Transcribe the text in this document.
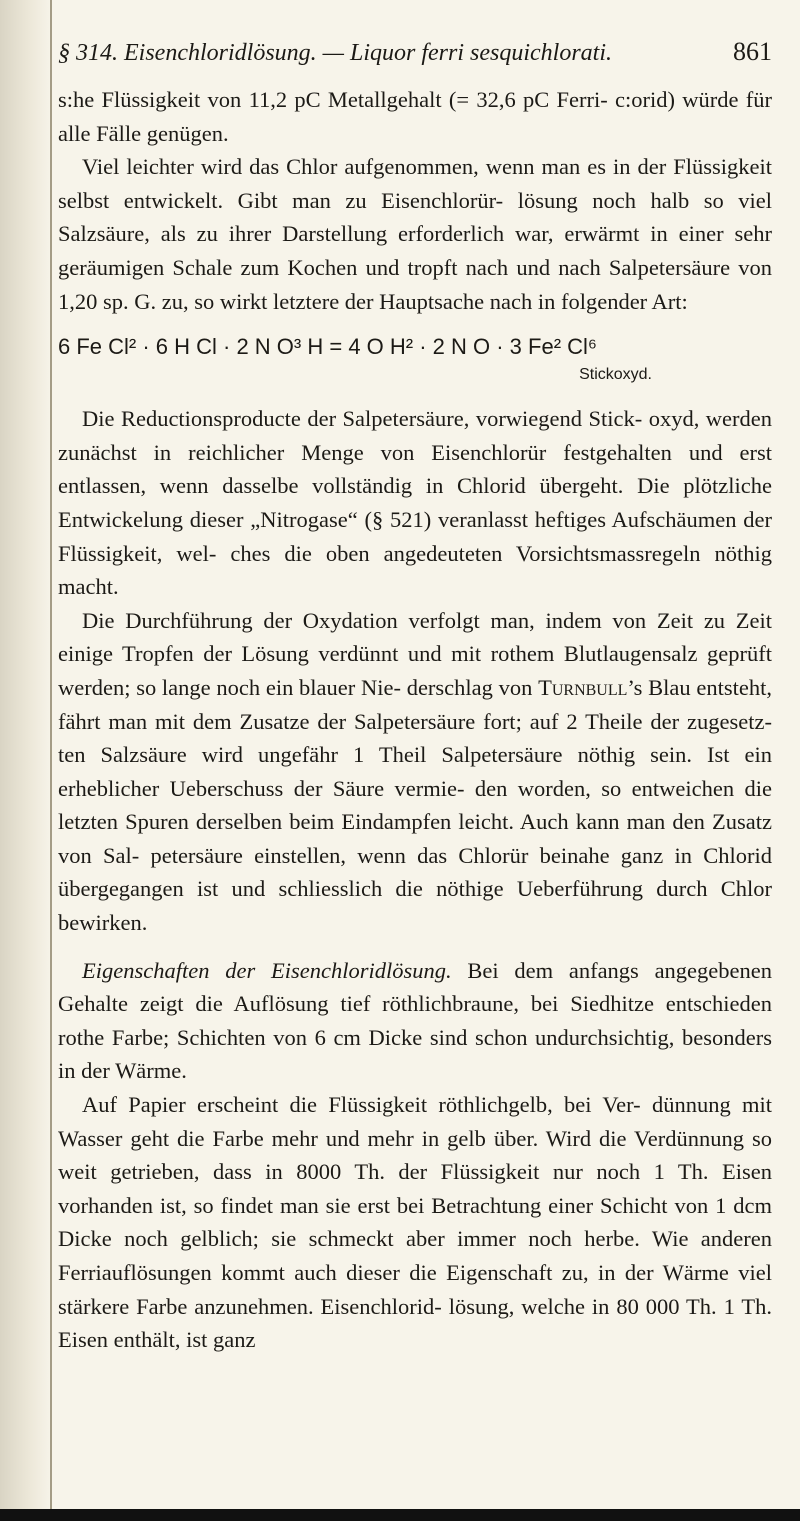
§ 314. Eisenchloridlösung. — Liquor ferri sesquichlorati.	861

s:he Flüssigkeit von 11,2 pC Metallgehalt (= 32,6 pC Ferri- c:orid) würde für alle Fälle genügen.

Viel leichter wird das Chlor aufgenommen, wenn man es in der Flüssigkeit selbst entwickelt. Gibt man zu Eisenchlorür- lösung noch halb so viel Salzsäure, als zu ihrer Darstellung erforderlich war, erwärmt in einer sehr geräumigen Schale zum Kochen und tropft nach und nach Salpetersäure von 1,20 sp. G. zu, so wirkt letztere der Hauptsache nach in folgender Art:

6 Fe Cl² · 6 H Cl · 2 N O³ H = 4 O H² · 2 N O · 3 Fe² Cl⁶
Stickoxyd.

Die Reductionsproducte der Salpetersäure, vorwiegend Stick- oxyd, werden zunächst in reichlicher Menge von Eisenchlorür festgehalten und erst entlassen, wenn dasselbe vollständig in Chlorid übergeht. Die plötzliche Entwickelung dieser „Nitrogase“ (§ 521) veranlasst heftiges Aufschäumen der Flüssigkeit, wel- ches die oben angedeuteten Vorsichtsmassregeln nöthig macht.

Die Durchführung der Oxydation verfolgt man, indem von Zeit zu Zeit einige Tropfen der Lösung verdünnt und mit rothem Blutlaugensalz geprüft werden; so lange noch ein blauer Nie- derschlag von Turnbull’s Blau entsteht, fährt man mit dem Zusatze der Salpetersäure fort; auf 2 Theile der zugesetz- ten Salzsäure wird ungefähr 1 Theil Salpetersäure nöthig sein. Ist ein erheblicher Ueberschuss der Säure vermie- den worden, so entweichen die letzten Spuren derselben beim Eindampfen leicht. Auch kann man den Zusatz von Sal- petersäure einstellen, wenn das Chlorür beinahe ganz in Chlorid übergegangen ist und schliesslich die nöthige Ueberführung durch Chlor bewirken.

Eigenschaften der Eisenchloridlösung. Bei dem anfangs angegebenen Gehalte zeigt die Auflösung tief röthlichbraune, bei Siedhitze entschieden rothe Farbe; Schichten von 6 cm Dicke sind schon undurchsichtig, besonders in der Wärme.

Auf Papier erscheint die Flüssigkeit röthlichgelb, bei Ver- dünnung mit Wasser geht die Farbe mehr und mehr in gelb über. Wird die Verdünnung so weit getrieben, dass in 8000 Th. der Flüssigkeit nur noch 1 Th. Eisen vorhanden ist, so findet man sie erst bei Betrachtung einer Schicht von 1 dcm Dicke noch gelblich; sie schmeckt aber immer noch herbe. Wie anderen Ferriauflösungen kommt auch dieser die Eigenschaft zu, in der Wärme viel stärkere Farbe anzunehmen. Eisenchlorid- lösung, welche in 80 000 Th. 1 Th. Eisen enthält, ist ganz
